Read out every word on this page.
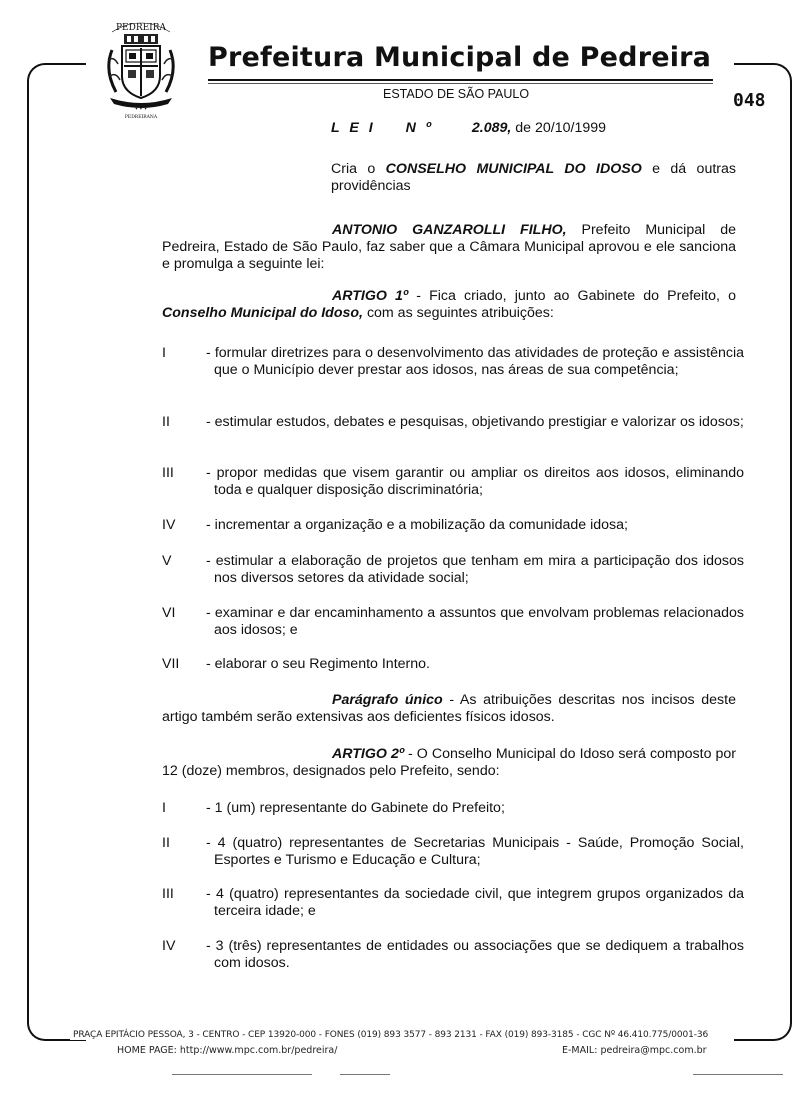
PEDREIRA
✦ ✦ ✦
PEDREIRANA
Prefeitura Municipal de Pedreira
ESTADO DE SÃO PAULO	048
L E I N º	2.089, de 20/10/1999
Cria o CONSELHO MUNICIPAL DO IDOSO e dá outras providências
ANTONIO GANZAROLLI FILHO, Prefeito Municipal de Pedreira, Estado de São Paulo, faz saber que a Câmara Municipal aprovou e ele sanciona e promulga a seguinte lei:
ARTIGO 1º - Fica criado, junto ao Gabinete do Prefeito, o Conselho Municipal do Idoso, com as seguintes atribuições:
I	- formular diretrizes para o desenvolvimento das atividades de proteção e assistência que o Município dever prestar aos idosos, nas áreas de sua competência;
II	- estimular estudos, debates e pesquisas, objetivando prestigiar e valorizar os idosos;
III	- propor medidas que visem garantir ou ampliar os direitos aos idosos, eliminando toda e qualquer disposição discriminatória;
IV	- incrementar a organização e a mobilização da comunidade idosa;
V	- estimular a elaboração de projetos que tenham em mira a participação dos idosos nos diversos setores da atividade social;
VI	- examinar e dar encaminhamento a assuntos que envolvam problemas relacionados aos idosos; e
VII	- elaborar o seu Regimento Interno.
Parágrafo único - As atribuições descritas nos incisos deste artigo também serão extensivas aos deficientes físicos idosos.
ARTIGO 2º - O Conselho Municipal do Idoso será composto por 12 (doze) membros, designados pelo Prefeito, sendo:
I	- 1 (um) representante do Gabinete do Prefeito;
II	- 4 (quatro) representantes de Secretarias Municipais - Saúde, Promoção Social, Esportes e Turismo e Educação e Cultura;
III	- 4 (quatro) representantes da sociedade civil, que integrem grupos organizados da terceira idade; e
IV	- 3 (três) representantes de entidades ou associações que se dediquem a trabalhos com idosos.
PRAÇA EPITÁCIO PESSOA, 3 - CENTRO - CEP 13920-000 - FONES (019) 893 3577 - 893 2131 - FAX (019) 893-3185 - CGC Nº 46.410.775/0001-36
HOME PAGE: http://www.mpc.com.br/pedreira/	E-MAIL: pedreira@mpc.com.br
